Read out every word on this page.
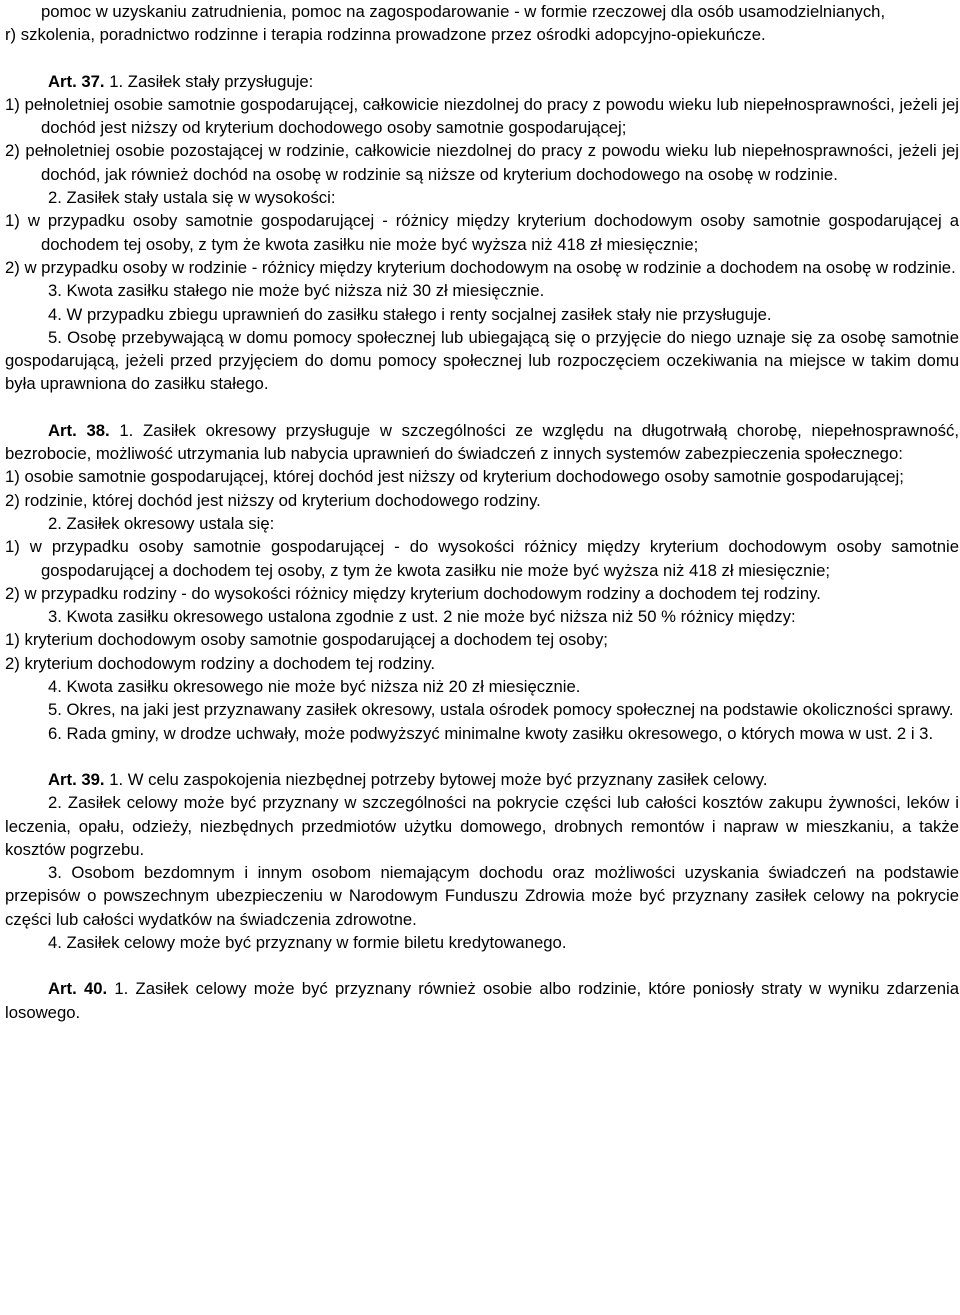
pomoc w uzyskaniu zatrudnienia, pomoc na zagospodarowanie - w formie rzeczowej dla osób usamodzielnianych,

r) szkolenia, poradnictwo rodzinne i terapia rodzinna prowadzone przez ośrodki adopcyjno-opiekuńcze.

Art. 37. 1. Zasiłek stały przysługuje:

1) pełnoletniej osobie samotnie gospodarującej, całkowicie niezdolnej do pracy z powodu wieku lub niepełnosprawności, jeżeli jej dochód jest niższy od kryterium dochodowego osoby samotnie gospodarującej;

2) pełnoletniej osobie pozostającej w rodzinie, całkowicie niezdolnej do pracy z powodu wieku lub niepełnosprawności, jeżeli jej dochód, jak również dochód na osobę w rodzinie są niższe od kryterium dochodowego na osobę w rodzinie.

2. Zasiłek stały ustala się w wysokości:

1) w przypadku osoby samotnie gospodarującej - różnicy między kryterium dochodowym osoby samotnie gospodarującej a dochodem tej osoby, z tym że kwota zasiłku nie może być wyższa niż 418 zł miesięcznie;

2) w przypadku osoby w rodzinie - różnicy między kryterium dochodowym na osobę w rodzinie a dochodem na osobę w rodzinie.

3. Kwota zasiłku stałego nie może być niższa niż 30 zł miesięcznie.

4. W przypadku zbiegu uprawnień do zasiłku stałego i renty socjalnej zasiłek stały nie przysługuje.

5. Osobę przebywającą w domu pomocy społecznej lub ubiegającą się o przyjęcie do niego uznaje się za osobę samotnie gospodarującą, jeżeli przed przyjęciem do domu pomocy społecznej lub rozpoczęciem oczekiwania na miejsce w takim domu była uprawniona do zasiłku stałego.

Art. 38. 1. Zasiłek okresowy przysługuje w szczególności ze względu na długotrwałą chorobę, niepełnosprawność, bezrobocie, możliwość utrzymania lub nabycia uprawnień do świadczeń z innych systemów zabezpieczenia społecznego:

1) osobie samotnie gospodarującej, której dochód jest niższy od kryterium dochodowego osoby samotnie gospodarującej;

2) rodzinie, której dochód jest niższy od kryterium dochodowego rodziny.

2. Zasiłek okresowy ustala się:

1) w przypadku osoby samotnie gospodarującej - do wysokości różnicy między kryterium dochodowym osoby samotnie gospodarującej a dochodem tej osoby, z tym że kwota zasiłku nie może być wyższa niż 418 zł miesięcznie;

2) w przypadku rodziny - do wysokości różnicy między kryterium dochodowym rodziny a dochodem tej rodziny.

3. Kwota zasiłku okresowego ustalona zgodnie z ust. 2 nie może być niższa niż 50 % różnicy między:

1) kryterium dochodowym osoby samotnie gospodarującej a dochodem tej osoby;

2) kryterium dochodowym rodziny a dochodem tej rodziny.

4. Kwota zasiłku okresowego nie może być niższa niż 20 zł miesięcznie.

5. Okres, na jaki jest przyznawany zasiłek okresowy, ustala ośrodek pomocy społecznej na podstawie okoliczności sprawy.

6. Rada gminy, w drodze uchwały, może podwyższyć minimalne kwoty zasiłku okresowego, o których mowa w ust. 2 i 3.

Art. 39. 1. W celu zaspokojenia niezbędnej potrzeby bytowej może być przyznany zasiłek celowy.

2. Zasiłek celowy może być przyznany w szczególności na pokrycie części lub całości kosztów zakupu żywności, leków i leczenia, opału, odzieży, niezbędnych przedmiotów użytku domowego, drobnych remontów i napraw w mieszkaniu, a także kosztów pogrzebu.

3. Osobom bezdomnym i innym osobom niemającym dochodu oraz możliwości uzyskania świadczeń na podstawie przepisów o powszechnym ubezpieczeniu w Narodowym Funduszu Zdrowia może być przyznany zasiłek celowy na pokrycie części lub całości wydatków na świadczenia zdrowotne.

4. Zasiłek celowy może być przyznany w formie biletu kredytowanego.

Art. 40. 1. Zasiłek celowy może być przyznany również osobie albo rodzinie, które poniosły straty w wyniku zdarzenia losowego.
